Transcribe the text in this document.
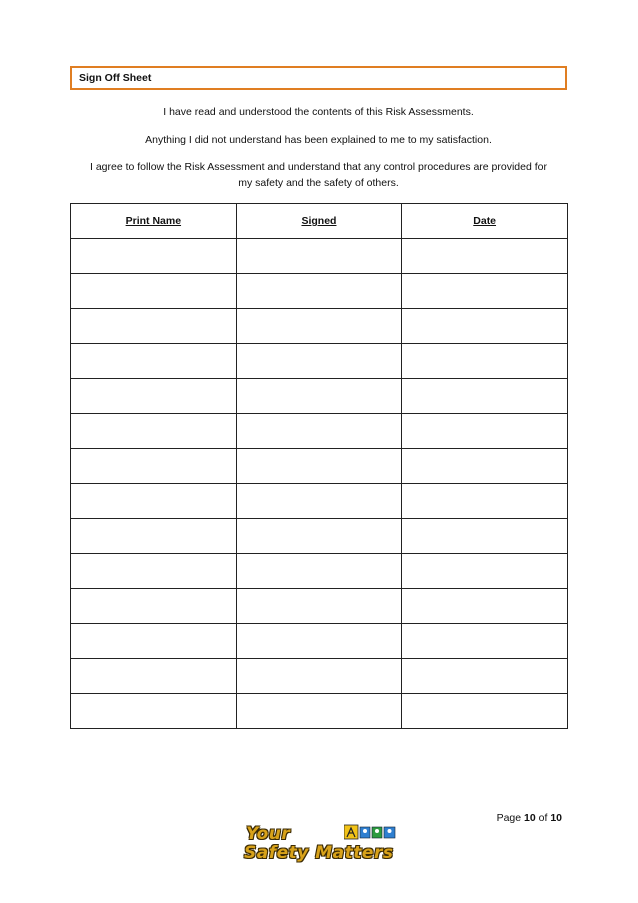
Sign Off Sheet
I have read and understood the contents of this Risk Assessments.
Anything I did not understand has been explained to me to my satisfaction.
I agree to follow the Risk Assessment and understand that any control procedures are provided for
my safety and the safety of others.
Print Name	Signed	Date

Page 10 of 10
Your
Safety Matters
